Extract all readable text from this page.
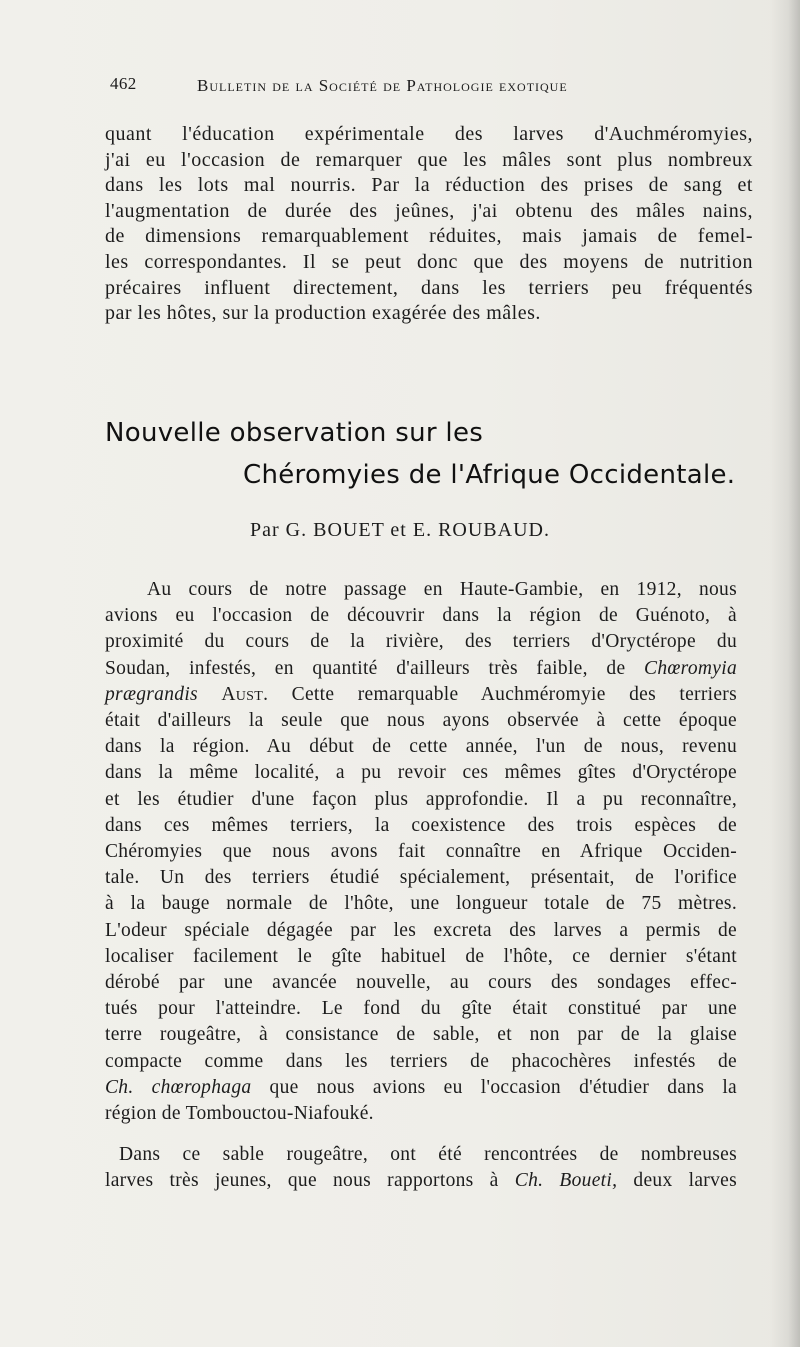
462	Bulletin de la Société de Pathologie exotique

quant l'éducation expérimentale des larves d'Auchméromyies,
j'ai eu l'occasion de remarquer que les mâles sont plus nombreux
dans les lots mal nourris. Par la réduction des prises de sang et
l'augmentation de durée des jeûnes, j'ai obtenu des mâles nains,
de dimensions remarquablement réduites, mais jamais de femel-
les correspondantes. Il se peut donc que des moyens de nutrition
précaires influent directement, dans les terriers peu fréquentés
par les hôtes, sur la production exagérée des mâles.

Nouvelle observation sur les
Chéromyies de l'Afrique Occidentale.
Par G. BOUET et E. ROUBAUD.

Au cours de notre passage en Haute-Gambie, en 1912, nous
avions eu l'occasion de découvrir dans la région de Guénoto, à
proximité du cours de la rivière, des terriers d'Oryctérope du
Soudan, infestés, en quantité d'ailleurs très faible, de Chœromyia
prægrandis Aust. Cette remarquable Auchméromyie des terriers
était d'ailleurs la seule que nous ayons observée à cette époque
dans la région. Au début de cette année, l'un de nous, revenu
dans la même localité, a pu revoir ces mêmes gîtes d'Oryctérope
et les étudier d'une façon plus approfondie. Il a pu reconnaître,
dans ces mêmes terriers, la coexistence des trois espèces de
Chéromyies que nous avons fait connaître en Afrique Occiden-
tale. Un des terriers étudié spécialement, présentait, de l'orifice
à la bauge normale de l'hôte, une longueur totale de 75 mètres.
L'odeur spéciale dégagée par les excreta des larves a permis de
localiser facilement le gîte habituel de l'hôte, ce dernier s'étant
dérobé par une avancée nouvelle, au cours des sondages effec-
tués pour l'atteindre. Le fond du gîte était constitué par une
terre rougeâtre, à consistance de sable, et non par de la glaise
compacte comme dans les terriers de phacochères infestés de
Ch. chœrophaga que nous avions eu l'occasion d'étudier dans la
région de Tombouctou-Niafouké.

Dans ce sable rougeâtre, ont été rencontrées de nombreuses
larves très jeunes, que nous rapportons à Ch. Boueti, deux larves
